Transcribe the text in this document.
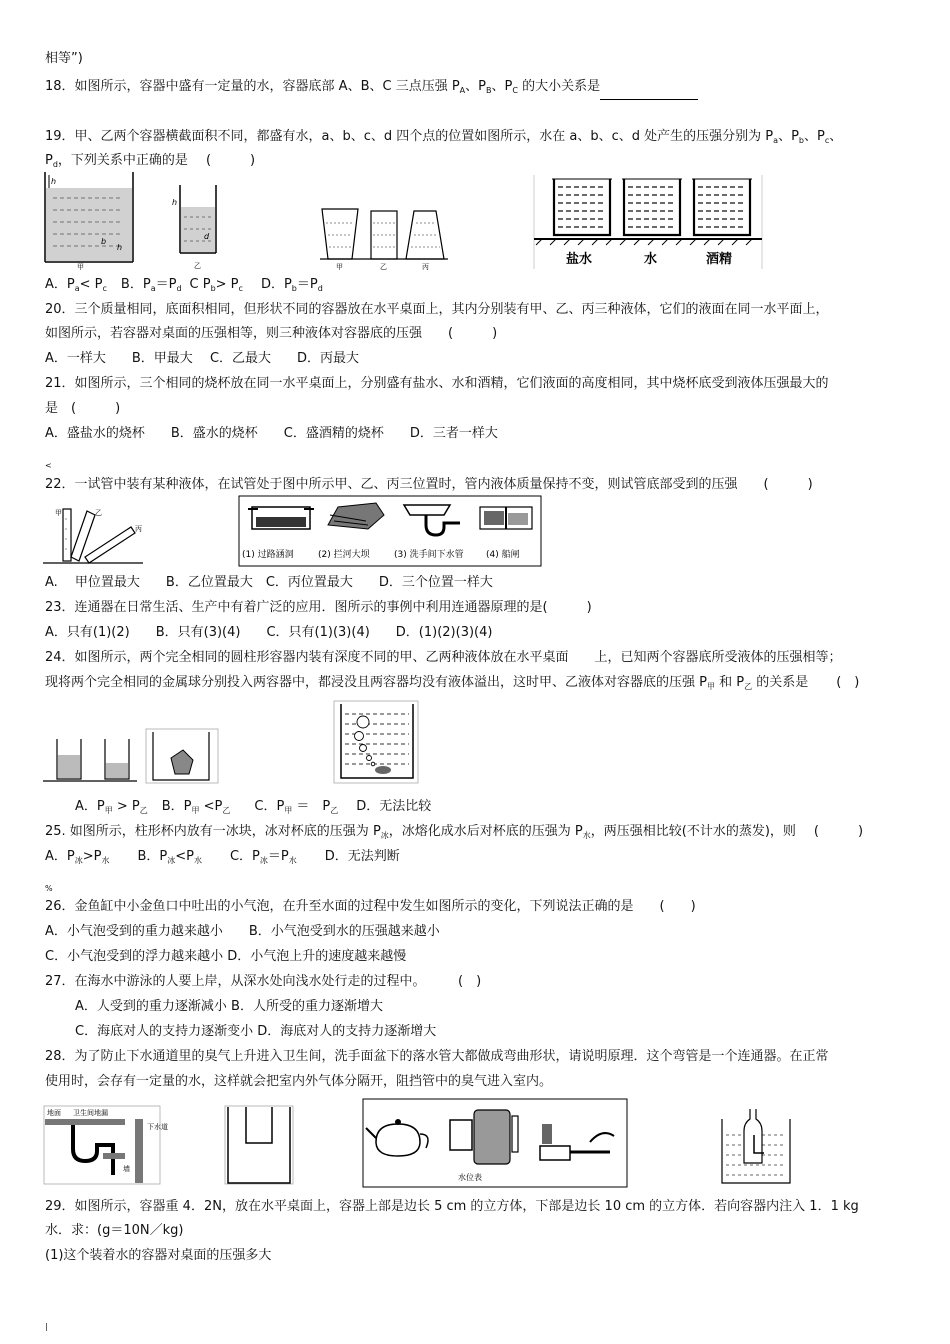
相等”)
18．如图所示，容器中盛有一定量的水，容器底部 A、B、C 三点压强 $P_A$、$P_B$、$P_C$ 的大小关系是
19．甲、乙两个容器横截面积不同，都盛有水，a、b、c、d 四个点的位置如图所示，水在 a、b、c、d 处产生的压强分别为 $P_a$、$P_b$、$P_c$、
$P_d$，下列关系中正确的是 (　　　)
h
b
h
甲
h
d
乙	甲	乙	丙	盐水	水	酒精
A．$P_a< P_c$ B．$P_a=P_d$ C $P_b> P_c$ D．$P_b=P_d$
20．三个质量相同，底面积相同，但形状不同的容器放在水平桌面上，其内分别装有甲、乙、丙三种液体，它们的液面在同一水平面上，
如图所示，若容器对桌面的压强相等，则三种液体对容器底的压强　　(　　　)
A．一样大　　B．甲最大　 C．乙最大　　D．丙最大
21．如图所示，三个相同的烧杯放在同一水平桌面上，分别盛有盐水、水和酒精，它们液面的高度相同，其中烧杯底受到液体压强最大的
是　(　　　)
A．盛盐水的烧杯　　B．盛水的烧杯　　C．盛酒精的烧杯　　D．三者一样大
<
22．一试管中装有某种液体，在试管处于图中所示甲、乙、丙三位置时，管内液体质量保持不变，则试管底部受到的压强　　(　　　)
甲	乙
丙
(1) 过路涵洞	(2) 拦河大坝	(3) 洗手间下水管 (4) 船闸
A.　 甲位置最大　　B．乙位置最大　C．丙位置最大　　D．三个位置一样大
23．连通器在日常生活、生产中有着广泛的应用．图所示的事例中利用连通器原理的是(　　　)
A．只有(1)(2)　　B．只有(3)(4)　　C．只有(1)(3)(4)　　D．(1)(2)(3)(4)
24．如图所示，两个完全相同的圆柱形容器内装有深度不同的甲、乙两种液体放在水平桌面　　上，已知两个容器底所受液体的压强相等；
现将两个完全相同的金属球分别投入两容器中，都浸没且两容器均没有液体溢出，这时甲、乙液体对容器底的压强 $P_甲$ 和 $P_乙$ 的关系是 (　)
A．$P_甲 > P_乙$ B．$P_甲 <P_乙$ C．$P_甲$ ＝　$P_乙$ D．无法比较
25. 如图所示，柱形杯内放有一冰块，冰对杯底的压强为 $P_冰$，冰熔化成水后对杯底的压强为 $P_水$，两压强相比较(不计水的蒸发)，则 (　　　)
A．$P_冰>P_水$ B．$P_冰<P_水$ C．$P_冰=P_水$ D．无法判断
%
26．金鱼缸中小金鱼口中吐出的小气泡，在升至水面的过程中发生如图所示的变化，下列说法正确的是　　(　　)
A．小气泡受到的重力越来越小　　B．小气泡受到水的压强越来越小
C．小气泡受到的浮力越来越小 D．小气泡上升的速度越来越慢
27．在海水中游泳的人要上岸，从深水处向浅水处行走的过程中。　　　(　)
A．人受到的重力逐渐减小 B．人所受的重力逐渐增大
C．海底对人的支持力逐渐变小 D．海底对人的支持力逐渐增大
28．为了防止下水通道里的臭气上升进入卫生间，洗手面盆下的落水管大都做成弯曲形状，请说明原理．这个弯管是一个连通器。在正常
使用时，会存有一定量的水，这样就会把室内外气体分隔开，阻挡管中的臭气进入室内。
地面 卫生间地漏
下水道
墙
水位表
29．如图所示，容器重 4．2N，放在水平桌面上，容器上部是边长 5 cm 的立方体，下部是边长 10 cm 的立方体．若向容器内注入 1．1 kg
水．求：(g＝10N／kg)
(1)这个装着水的容器对桌面的压强多大
|
